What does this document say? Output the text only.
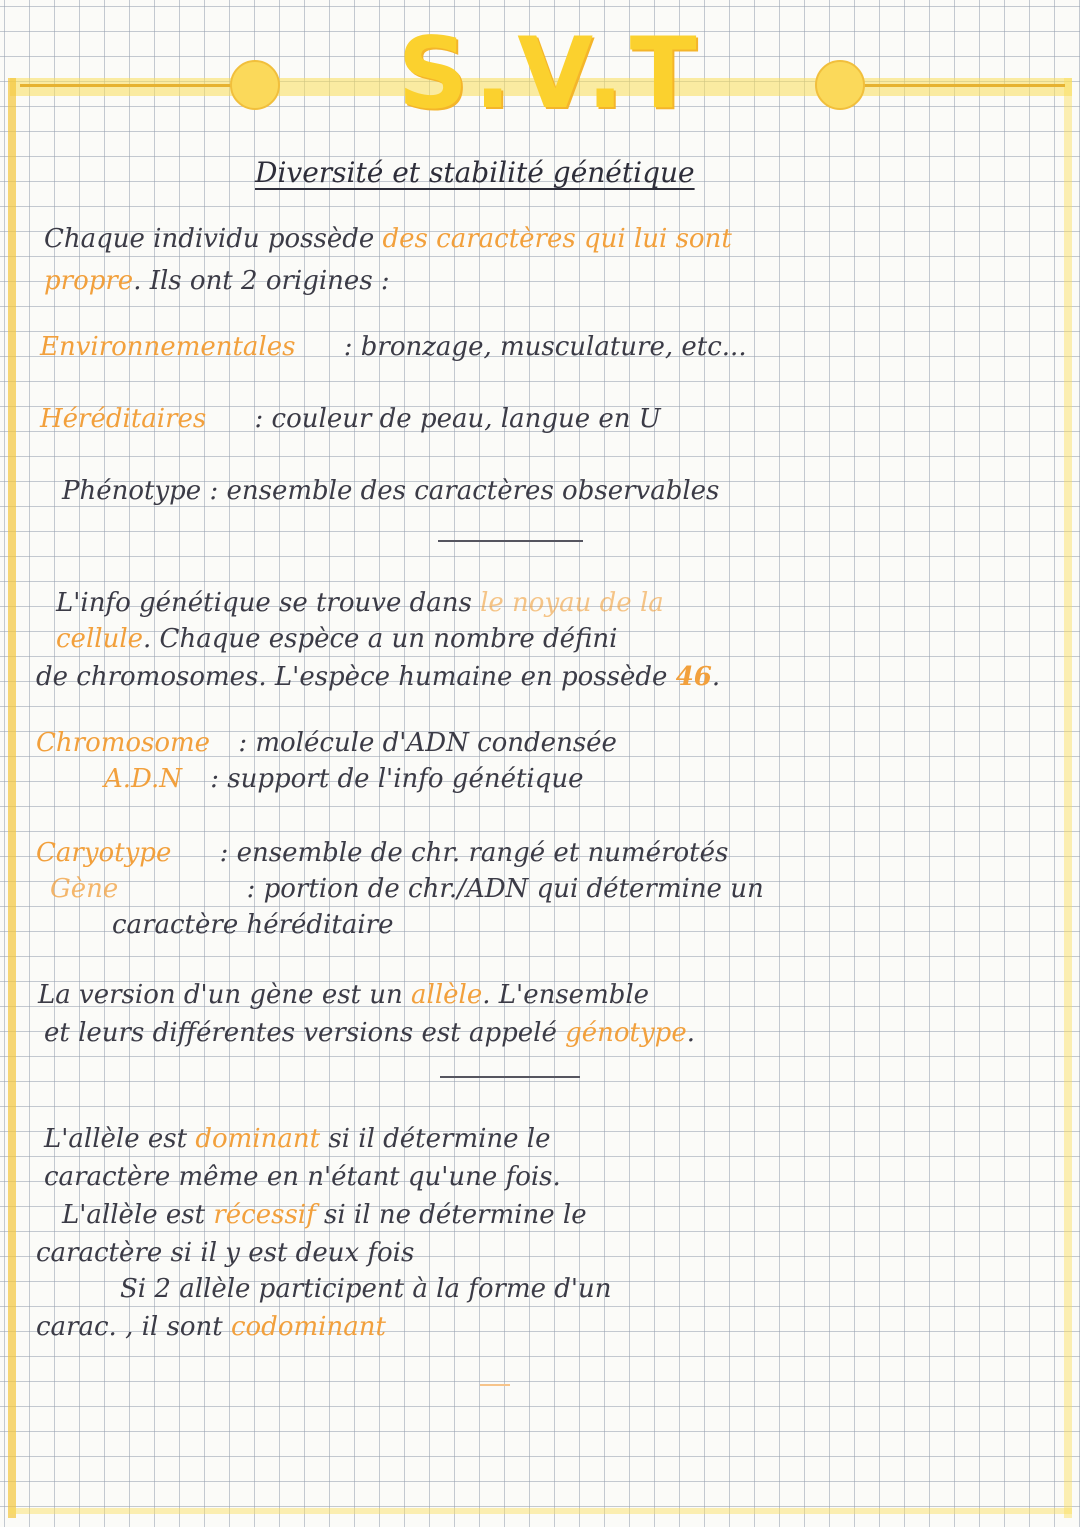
S.V.T
Diversité et stabilité génétique
Chaque individu possède des caractères qui lui sont
propre. Ils ont 2 origines :
Environnementales : bronzage, musculature, etc...
Héréditaires : couleur de peau, langue en U
Phénotype : ensemble des caractères observables
L'info génétique se trouve dans le noyau de la
cellule. Chaque espèce a un nombre défini
de chromosomes. L'espèce humaine en possède 46.
Chromosome : molécule d'ADN condensée
A.D.N : support de l'info génétique
Caryotype : ensemble de chr. rangé et numérotés
Gène	: portion de chr./ADN qui détermine un
caractère héréditaire
La version d'un gène est un allèle. L'ensemble
et leurs différentes versions est appelé génotype.
L'allèle est dominant si il détermine le
caractère même en n'étant qu'une fois.
L'allèle est récessif si il ne détermine le
caractère si il y est deux fois
Si 2 allèle participent à la forme d'un
carac. , il sont codominant
